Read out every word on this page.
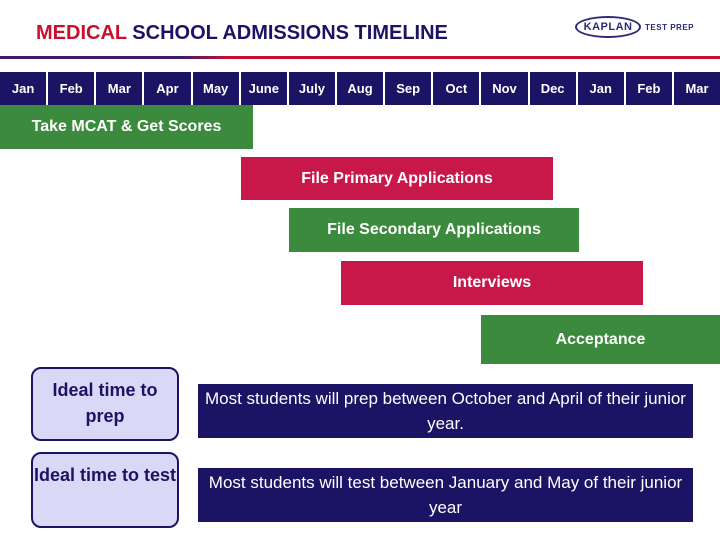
MEDICAL SCHOOL ADMISSIONS TIMELINE	KAPLAN	TEST PREP
Jan	Feb	Mar	Apr	May	June	July	Aug	Sep	Oct	Nov	Dec	Jan	Feb	Mar
Take MCAT & Get Scores
File Primary Applications
File Secondary Applications
Interviews
Acceptance
Ideal time to prep
Most students will prep between October and April of their junior year.
Ideal time to test	Most students will test between January and May of their junior year
